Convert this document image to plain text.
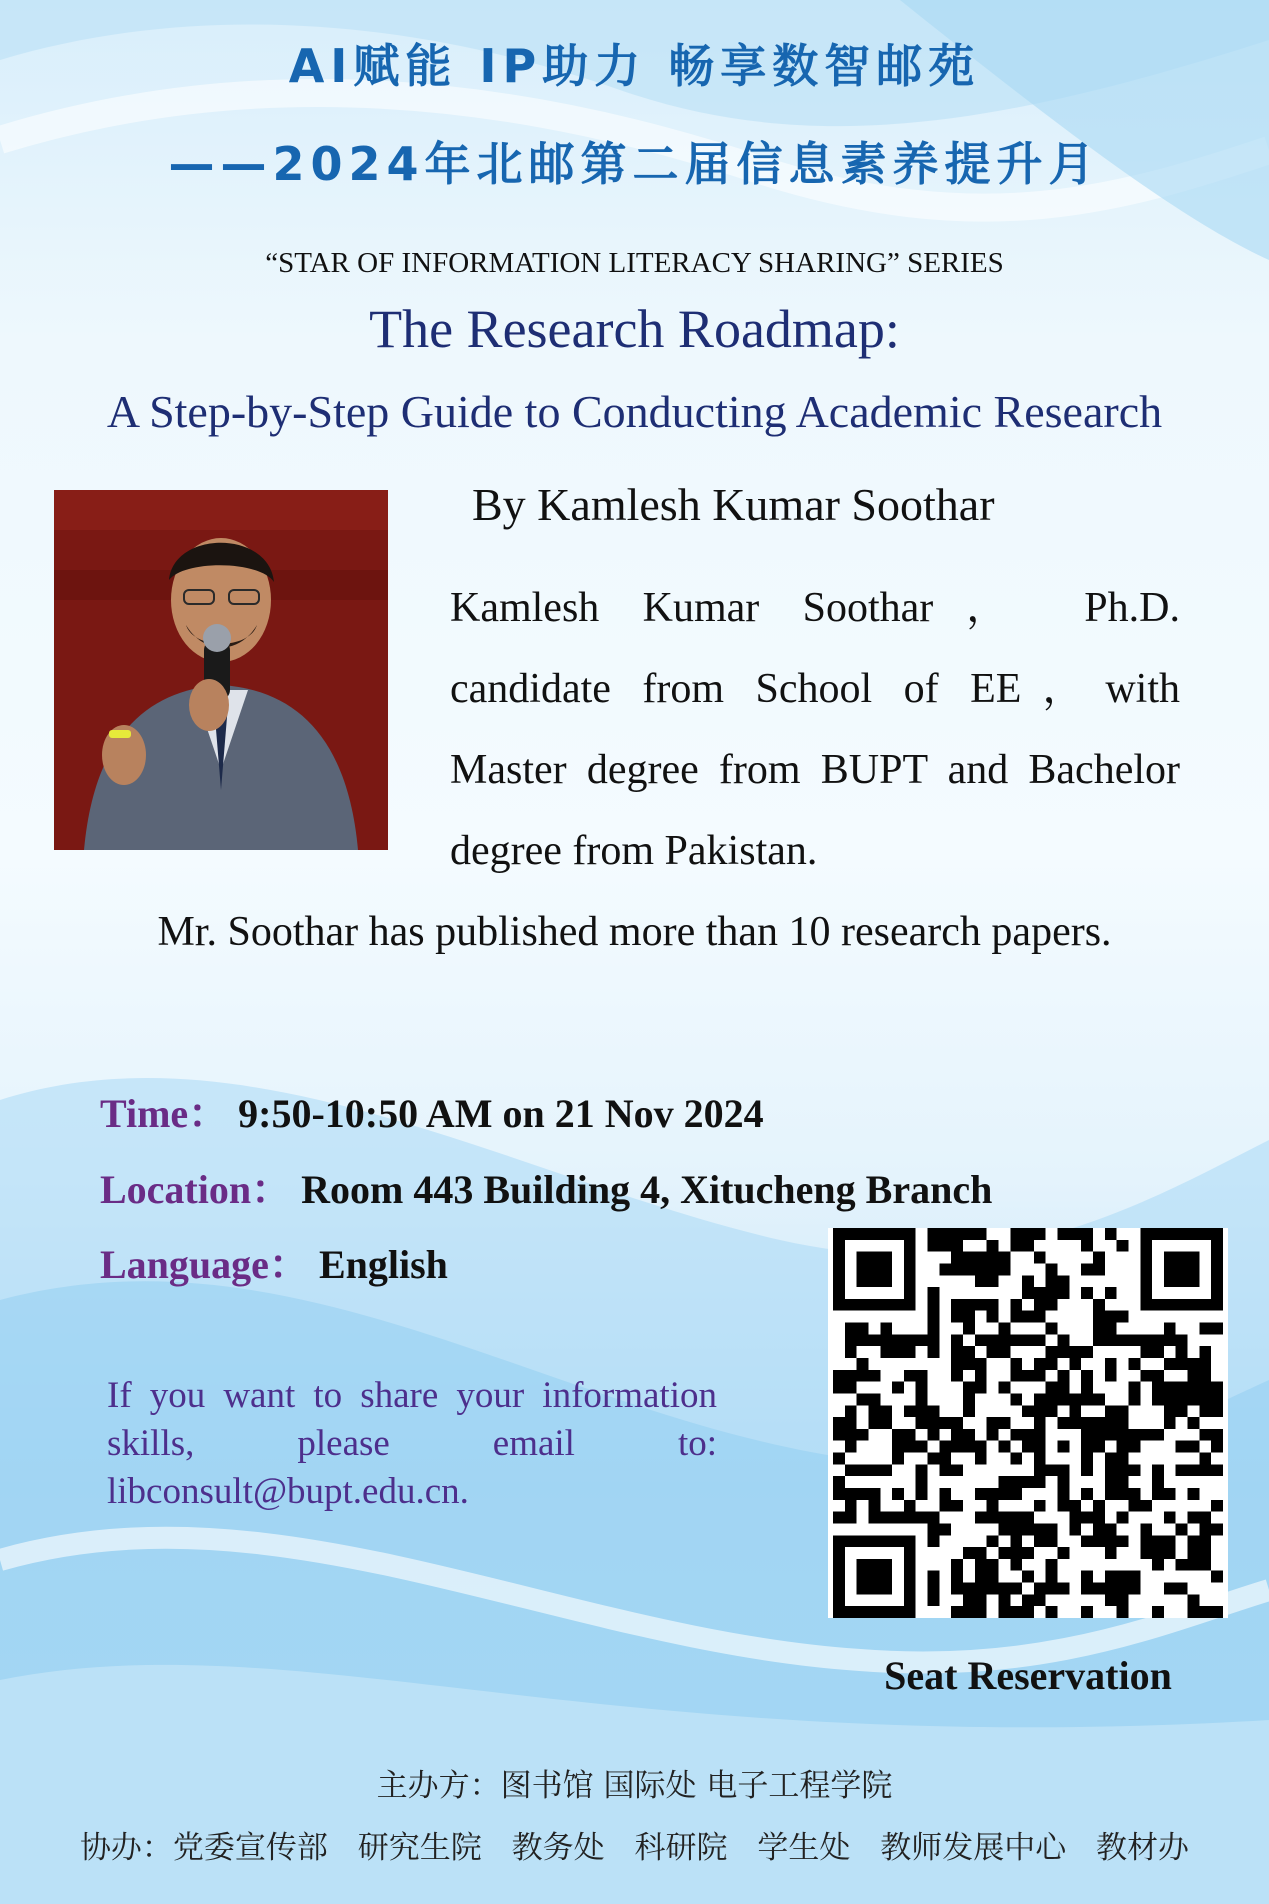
AI赋能 IP助力 畅享数智邮苑
——2024年北邮第二届信息素养提升月
“STAR OF INFORMATION LITERACY SHARING” SERIES
The Research Roadmap:
A Step-by-Step Guide to Conducting Academic Research
By Kamlesh Kumar Soothar
Kamlesh Kumar Soothar， Ph.D. candidate from School of EE，with Master degree from BUPT and Bachelor degree from Pakistan.
Mr. Soothar has published more than 10 research papers.
Time： 9:50-10:50 AM on 21 Nov 2024
Location： Room 443 Building 4, Xitucheng Branch
Language： English
If you want to share your information skills, please email to: libconsult@bupt.edu.cn.
Seat Reservation
主办方：图书馆 国际处 电子工程学院
协办：党委宣传部 研究生院 教务处 科研院 学生处 教师发展中心 教材办
